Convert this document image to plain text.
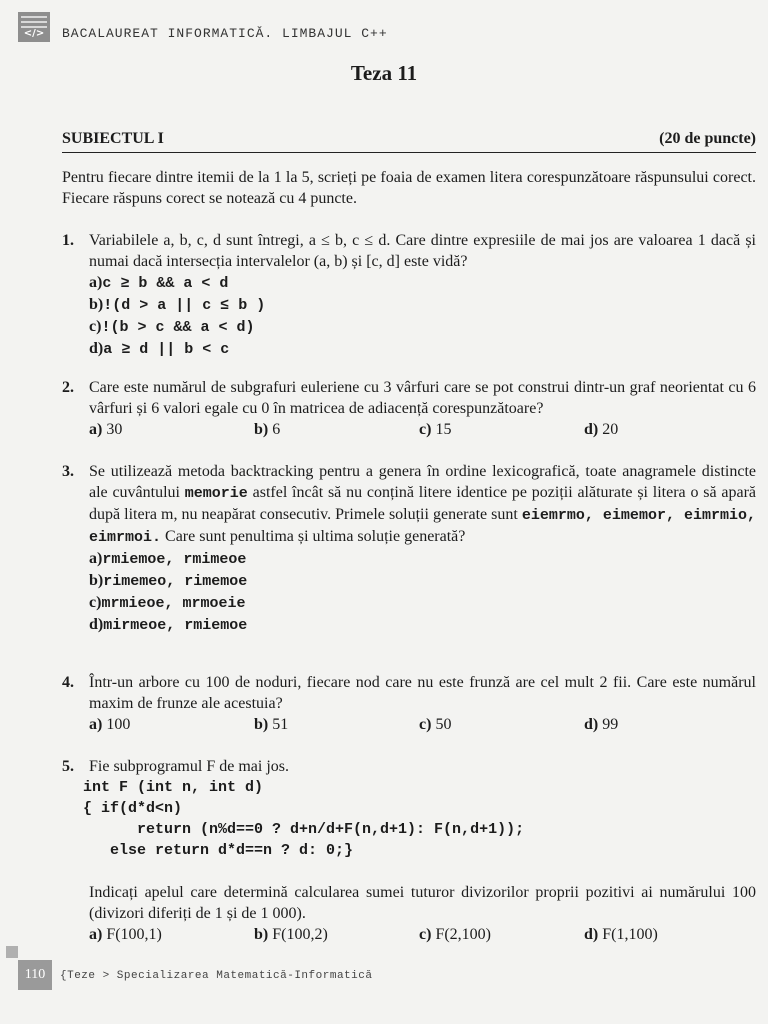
</>	BACALAUREAT INFORMATICĂ. LIMBAJUL C++
Teza 11
SUBIECTUL I	(20 de puncte)
Pentru fiecare dintre itemii de la 1 la 5, scrieți pe foaia de examen litera corespunzătoare răspunsului corect. Fiecare răspuns corect se notează cu 4 puncte.
1. Variabilele a, b, c, d sunt întregi, a ≤ b, c ≤ d. Care dintre expresiile de mai jos are valoarea 1 dacă și numai dacă intersecția intervalelor (a, b) și [c, d] este vidă?
a)c ≥ b && a < d
b)!(d > a || c ≤ b )
c)!(b > c && a < d)
d)a ≥ d || b < c
2. Care este numărul de subgrafuri euleriene cu 3 vârfuri care se pot construi dintr-un graf neorientat cu 6 vârfuri și 6 valori egale cu 0 în matricea de adiacență corespunzătoare?
a) 30	b) 6	c) 15	d) 20
3. Se utilizează metoda backtracking pentru a genera în ordine lexicografică, toate anagramele distincte ale cuvântului memorie astfel încât să nu conțină litere identice pe poziții alăturate și litera o să apară după litera m, nu neapărat consecutiv. Primele soluții generate sunt eiemrmo, eimemor, eimrmio, eimrmoi. Care sunt penultima și ultima soluție generată?
a)rmiemoe, rmimeoe
b)rimemeo, rimemoe
c)mrmieoe, mrmoeie
d)mirmeoe, rmiemoe
4. Într-un arbore cu 100 de noduri, fiecare nod care nu este frunză are cel mult 2 fii. Care este numărul maxim de frunze ale acestuia?
a) 100	b) 51	c) 50	d) 99
5. Fie subprogramul F de mai jos.
int F (int n, int d)
{ if(d*d<n)
return (n%d==0 ? d+n/d+F(n,d+1): F(n,d+1));
else return d*d==n ? d: 0;}
Indicați apelul care determină calcularea sumei tuturor divizorilor proprii pozitivi ai numărului 100 (divizori diferiți de 1 și de 1 000).
a) F(100,1)	b) F(100,2)	c) F(2,100)	d) F(1,100)
110	{Teze > Specializarea Matematică-Informatică
